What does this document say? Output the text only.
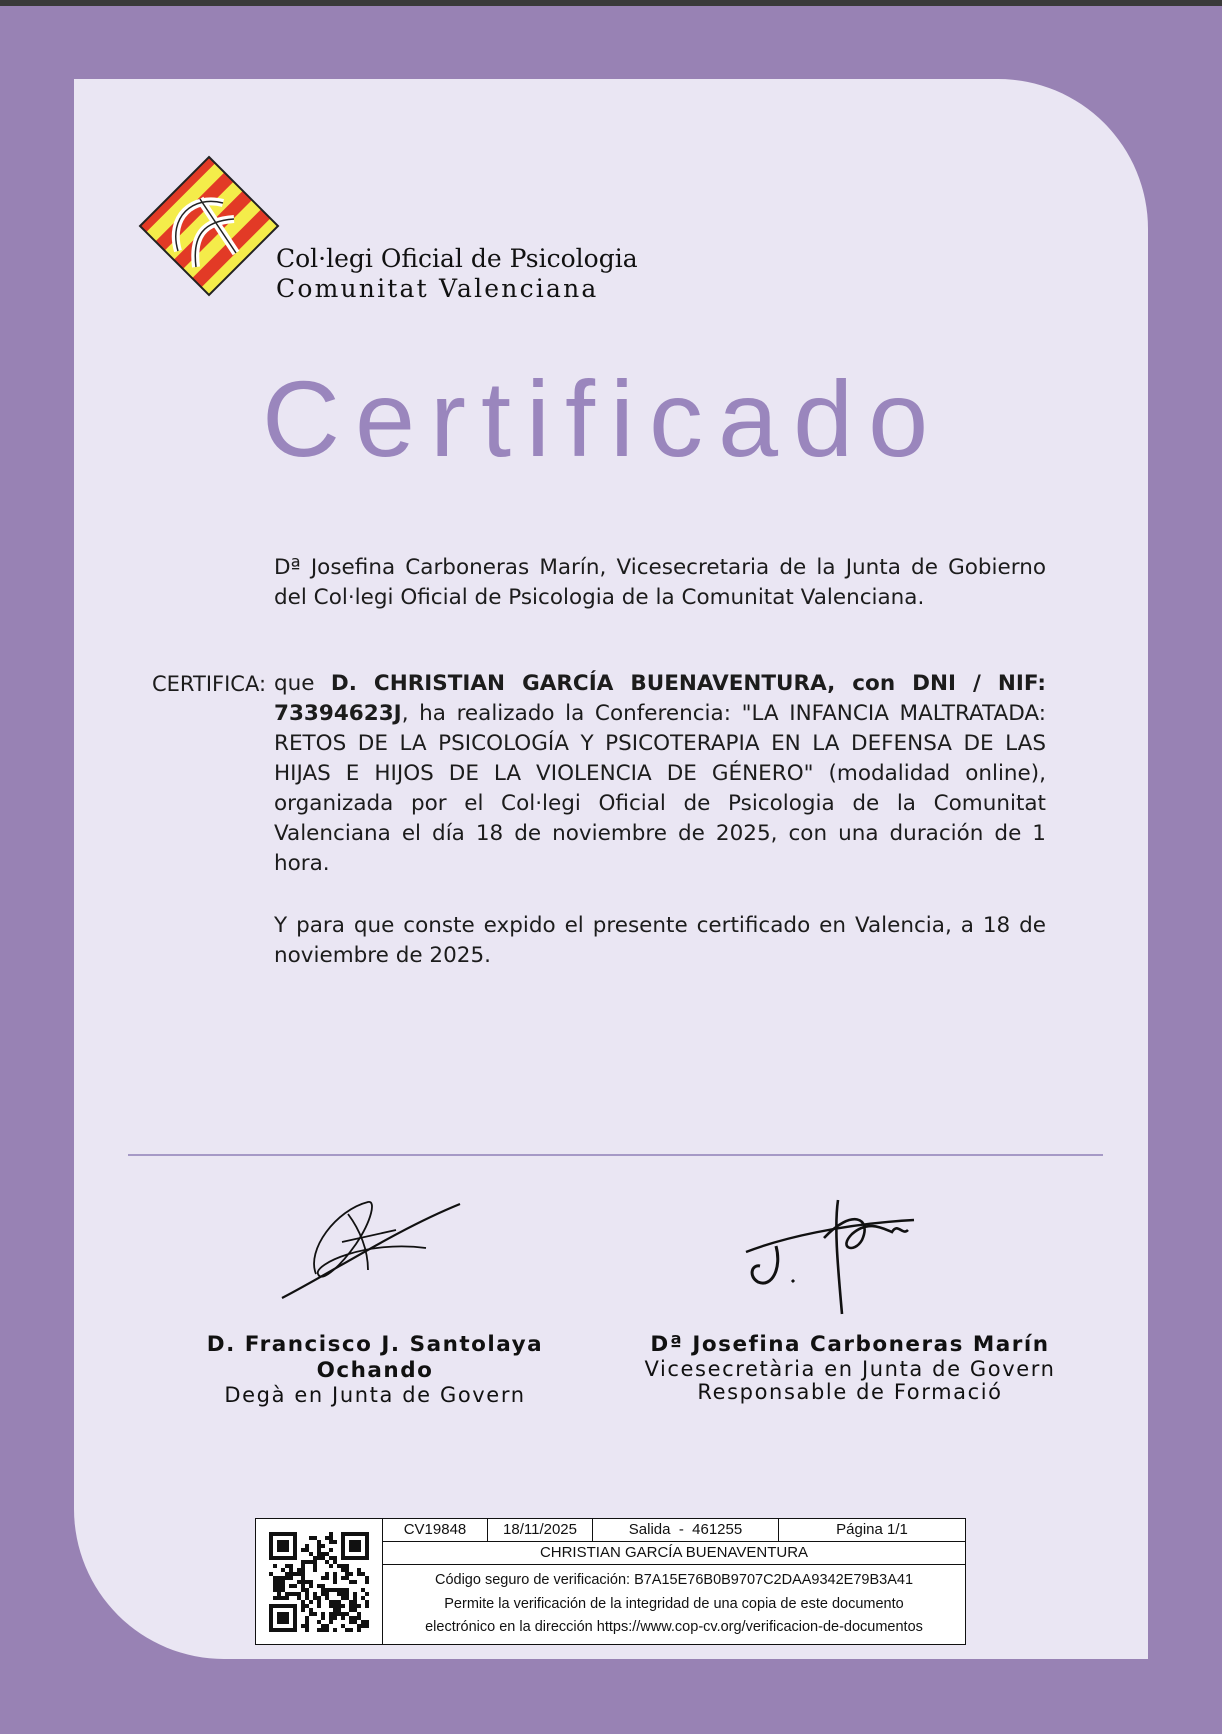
Col·legi Oficial de Psicologia
Comunitat Valenciana
Certificado
Dª Josefina Carboneras Marín, Vicesecretaria de la Junta de Gobierno del Col·legi Oficial de Psicologia de la Comunitat Valenciana.
CERTIFICA: que D. CHRISTIAN GARCÍA BUENAVENTURA, con DNI / NIF: 73394623J, ha realizado la Conferencia: "LA INFANCIA MALTRATADA: RETOS DE LA PSICOLOGÍA Y PSICOTERAPIA EN LA DEFENSA DE LAS HIJAS E HIJOS DE LA VIOLENCIA DE GÉNERO" (modalidad online), organizada por el Col·legi Oficial de Psicologia de la Comunitat Valenciana el día 18 de noviembre de 2025, con una duración de 1 hora.
Y para que conste expido el presente certificado en Valencia, a 18 de noviembre de 2025.
D. Francisco J. Santolaya Ochando
Degà en Junta de Govern
Dª Josefina Carboneras Marín
Vicesecretària en Junta de Govern
Responsable de Formació
CV19848	18/11/2025	Salida  -  461255	Página 1/1
CHRISTIAN GARCÍA BUENAVENTURA
Código seguro de verificación: B7A15E76B0B9707C2DAA9342E79B3A41
Permite la verificación de la integridad de una copia de este documento
electrónico en la dirección https://www.cop-cv.org/verificacion-de-documentos
